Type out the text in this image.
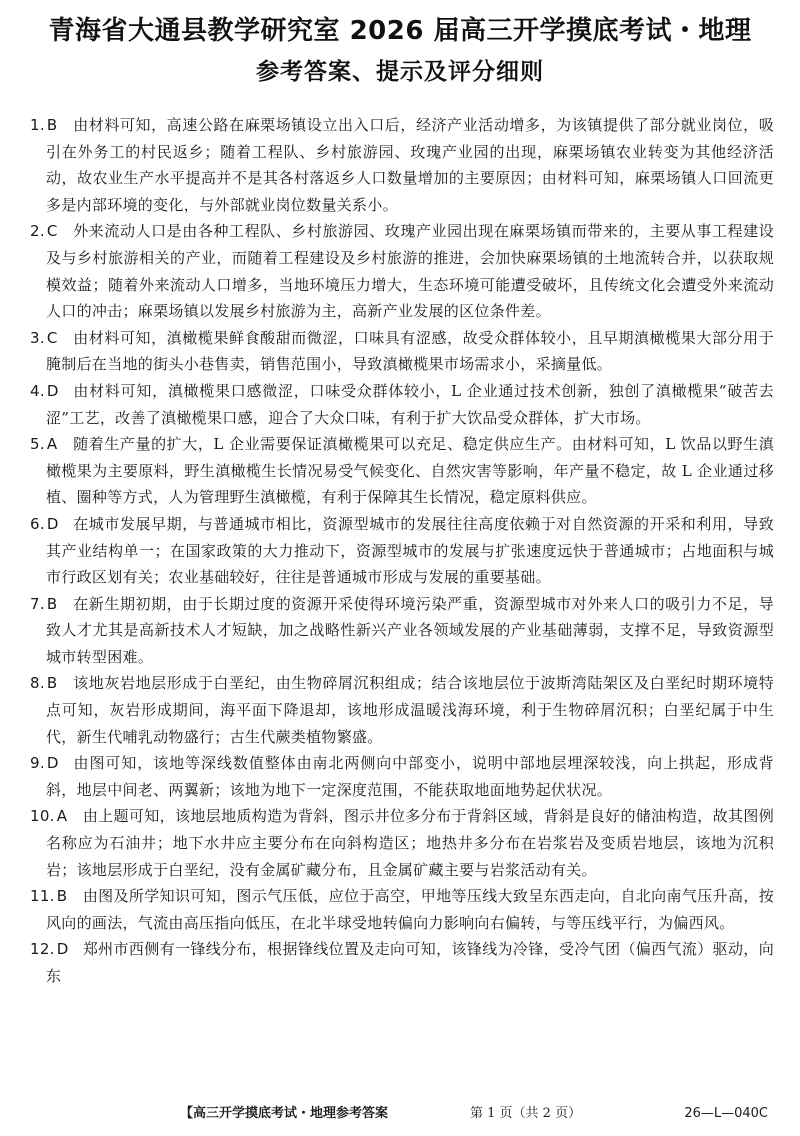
青海省大通县教学研究室 2026 届高三开学摸底考试・地理
参考答案、提示及评分细则
1. B 由材料可知，高速公路在麻栗场镇设立出入口后，经济产业活动增多，为该镇提供了部分就业岗位，吸引在外务工的村民返乡；随着工程队、乡村旅游园、玫瑰产业园的出现，麻栗场镇农业转变为其他经济活动，故农业生产水平提高并不是其各村落返乡人口数量增加的主要原因；由材料可知，麻栗场镇人口回流更多是内部环境的变化，与外部就业岗位数量关系小。
2. C 外来流动人口是由各种工程队、乡村旅游园、玫瑰产业园出现在麻栗场镇而带来的，主要从事工程建设及与乡村旅游相关的产业，而随着工程建设及乡村旅游的推进，会加快麻栗场镇的土地流转合并，以获取规模效益；随着外来流动人口增多，当地环境压力增大，生态环境可能遭受破坏，且传统文化会遭受外来流动人口的冲击；麻栗场镇以发展乡村旅游为主，高新产业发展的区位条件差。
3. C 由材料可知，滇橄榄果鲜食酸甜而微涩，口味具有涩感，故受众群体较小，且早期滇橄榄果大部分用于腌制后在当地的街头小巷售卖，销售范围小，导致滇橄榄果市场需求小，采摘量低。
4. D 由材料可知，滇橄榄果口感微涩，口味受众群体较小，L 企业通过技术创新，独创了滇橄榄果“破苦去涩”工艺，改善了滇橄榄果口感，迎合了大众口味，有利于扩大饮品受众群体，扩大市场。
5. A 随着生产量的扩大，L 企业需要保证滇橄榄果可以充足、稳定供应生产。由材料可知，L 饮品以野生滇橄榄果为主要原料，野生滇橄榄生长情况易受气候变化、自然灾害等影响，年产量不稳定，故 L 企业通过移植、圈种等方式，人为管理野生滇橄榄，有利于保障其生长情况，稳定原料供应。
6. D 在城市发展早期，与普通城市相比，资源型城市的发展往往高度依赖于对自然资源的开采和利用，导致其产业结构单一；在国家政策的大力推动下，资源型城市的发展与扩张速度远快于普通城市；占地面积与城市行政区划有关；农业基础较好，往往是普通城市形成与发展的重要基础。
7. B 在新生期初期，由于长期过度的资源开采使得环境污染严重，资源型城市对外来人口的吸引力不足，导致人才尤其是高新技术人才短缺，加之战略性新兴产业各领域发展的产业基础薄弱，支撑不足，导致资源型城市转型困难。
8. B 该地灰岩地层形成于白垩纪，由生物碎屑沉积组成；结合该地层位于波斯湾陆架区及白垩纪时期环境特点可知，灰岩形成期间，海平面下降退却，该地形成温暖浅海环境，利于生物碎屑沉积；白垩纪属于中生代，新生代哺乳动物盛行；古生代蕨类植物繁盛。
9. D 由图可知，该地等深线数值整体由南北两侧向中部变小，说明中部地层埋深较浅，向上拱起，形成背斜，地层中间老、两翼新；该地为地下一定深度范围，不能获取地面地势起伏状况。
10. A 由上题可知，该地层地质构造为背斜，图示井位多分布于背斜区域，背斜是良好的储油构造，故其图例名称应为石油井；地下水井应主要分布在向斜构造区；地热井多分布在岩浆岩及变质岩地层，该地为沉积岩；该地层形成于白垩纪，没有金属矿藏分布，且金属矿藏主要与岩浆活动有关。
11. B 由图及所学知识可知，图示气压低，应位于高空，甲地等压线大致呈东西走向，自北向南气压升高，按风向的画法，气流由高压指向低压，在北半球受地转偏向力影响向右偏转，与等压线平行，为偏西风。
12. D 郑州市西侧有一锋线分布，根据锋线位置及走向可知，该锋线为冷锋，受冷气团（偏西气流）驱动，向东
【高三开学摸底考试・地理参考答案	第 1 页（共 2 页）	26—L—040C
